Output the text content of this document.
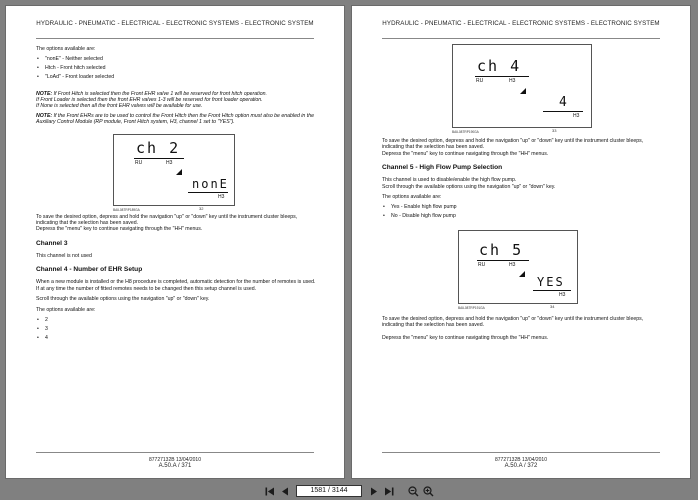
HYDRAULIC - PNEUMATIC - ELECTRICAL - ELECTRONIC SYSTEMS - ELECTRONIC SYSTEM

The options available are:

• "nonE" - Neither selected
• Htch - Front hitch selected
• "LoAd" - Front loader selected

NOTE: If Front Hitch is selected then the Front EHR valve 1 will be reserved for front hitch operation.
If Front Loader is selected then the front EHR valves 1-3 will be reserved for front loader operation.
If None is selected then all the front EHR valves will be available for use.

NOTE: If the Front EHRs are to be used to control the Front Hitch then the Front Hitch option must also be enabled in the Auxiliary Control Module (RP module, Front Hitch system, H3, channel 1 set to "YES").

ch 2
RU	H3
nonE
H3
BAIL08TRP189GA	32

To save the desired option, depress and hold the navigation "up" or "down" key until the instrument cluster bleeps, indicating that the selection has been saved.
Depress the "menu" key to continue navigating through the "HH" menus.

Channel 3

This channel is not used

Channel 4 - Number of EHR Setup

When a new module is installed or the H8 procedure is completed, automatic detection for the number of remotes is used. If at any time the number of fitted remotes needs to be changed then this setup channel is used.

Scroll through the available options using the navigation "up" or "down" key.

The options available are:

• 2
• 3
• 4
87727132B 13/04/2010
A.50.A / 371
HYDRAULIC - PNEUMATIC - ELECTRICAL - ELECTRONIC SYSTEMS - ELECTRONIC SYSTEM
ch 4
RU	H3
4
H3
BAIL08TRP190GA	33

To save the desired option, depress and hold the navigation "up" or "down" key until the instrument cluster bleeps, indicating that the selection has been saved.
Depress the "menu" key to continue navigating through the "HH" menus.

Channel 5 - High Flow Pump Selection

This channel is used to disable/enable the high flow pump.
Scroll through the available options using the navigation "up" or "down" key.

The options available are:

• Yes - Enable high flow pump
• No - Disable high flow pump
ch 5
RU	H3
YES
H3
BAIL08TRP191GA	34

To save the desired option, depress and hold the navigation "up" or "down" key until the instrument cluster bleeps, indicating that the selection has been saved.

Depress the "menu" key to continue navigating through the "HH" menus.

87727132B 13/04/2010
A.50.A / 372
1581 / 3144
